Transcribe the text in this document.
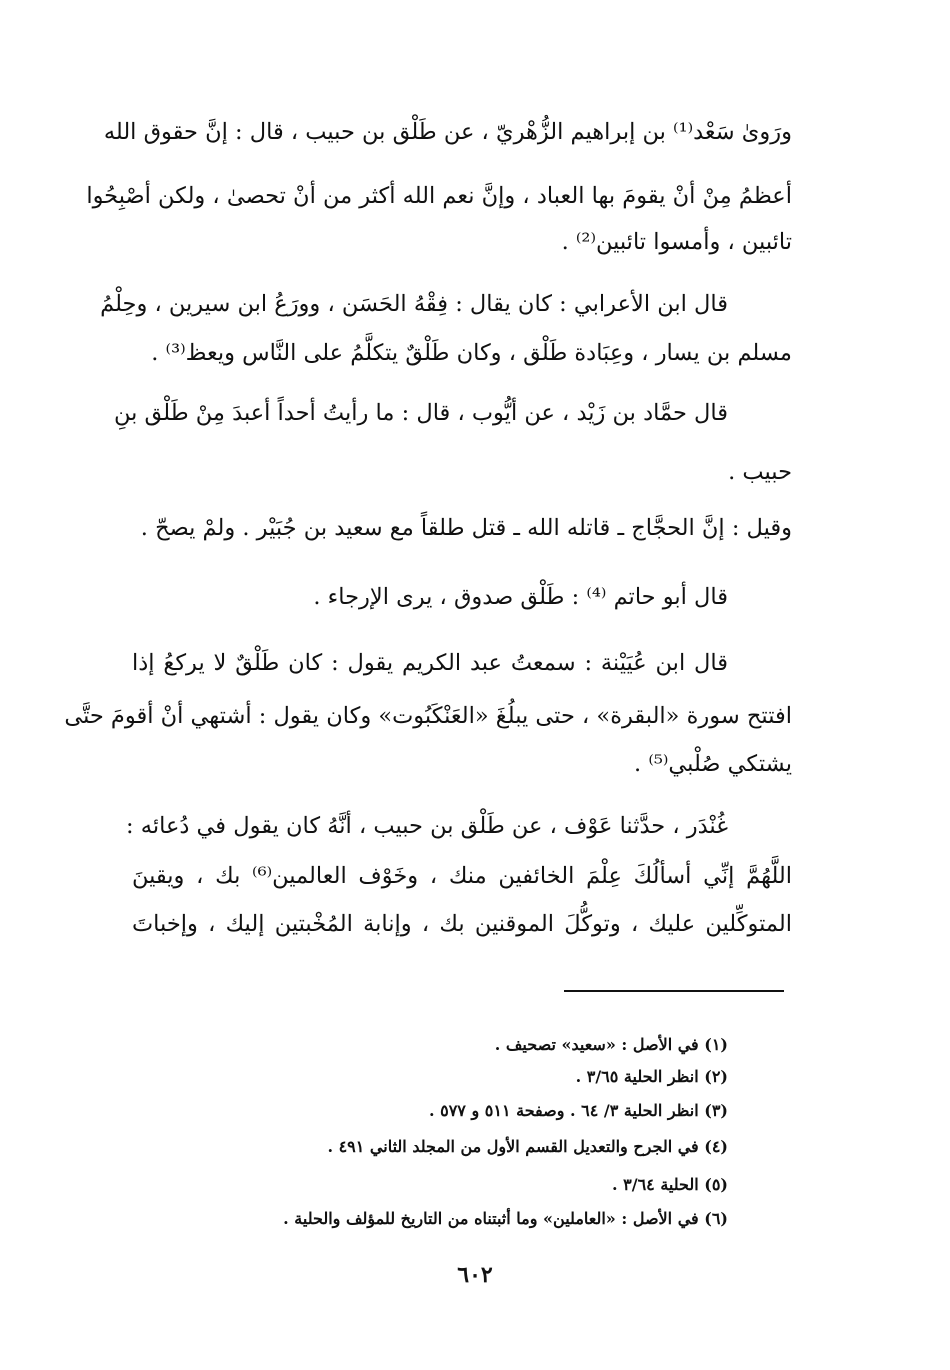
ورَوىٰ سَعْد⁽¹⁾ بن إبراهيم الزُّهْريّ ، عن طَلْق بن حبيب ، قال : إنَّ حقوق الله
أعظمُ مِنْ أنْ يقومَ بها العباد ، وإنَّ نعم الله أكثر من أنْ تحصىٰ ، ولكن أصْبِحُوا
تائبين ، وأمسوا تائبين⁽²⁾ .
قال ابن الأعرابي : كان يقال : فِقْهُ الحَسَن ، وورَعُ ابن سيرين ، وحِلْمُ
مسلم بن يسار ، وعِبَادة طَلْق ، وكان طَلْقٌ يتكلَّمُ على النَّاس ويعظ⁽³⁾ .
قال حمَّاد بن زَيْد ، عن أيُّوب ، قال : ما رأيتُ أحداً أعبدَ مِنْ طَلْق بنِ
حبيب .
وقيل : إنَّ الحجَّاج ـ قاتله الله ـ قتل طلقاً مع سعيد بن جُبَيْر . ولمْ يصحّ .
قال أبو حاتم ⁽⁴⁾ : طَلْق صدوق ، يرى الإرجاء .
قال ابن عُيَيْنة : سمعتُ عبد الكريم يقول : كان طَلْقٌ لا يركعُ إذا
افتتح سورة «البقرة» ، حتى يبلُغَ «العَنْكَبُوت» وكان يقول : أشتهي أنْ أقومَ حتَّى
يشتكي صُلْبي⁽⁵⁾ .
غُنْدَر ، حدَّثنا عَوْف ، عن طَلْق بن حبيب ، أنَّهُ كان يقول في دُعائه :
اللَّهُمَّ إنِّي أسألُكَ عِلْمَ الخائفين منك ، وخَوْف العالمين⁽⁶⁾ بك ، ويقينَ
المتوكِّلين عليك ، وتوكُّلَ الموقنين بك ، وإنابة المُخْبتين إليك ، وإخباتَ
(١) في الأصل : «سعيد» تصحيف .
(٢) انظر الحلية ٣/٦٥ .
(٣) انظر الحلية ٣/ ٦٤ . وصفحة ٥١١ و ٥٧٧ .
(٤) في الجرح والتعديل القسم الأول من المجلد الثاني ٤٩١ .
(٥) الحلية ٣/٦٤ .
(٦) في الأصل : «العاملين» وما أثبتناه من التاريخ للمؤلف والحلية .
٦٠٢
